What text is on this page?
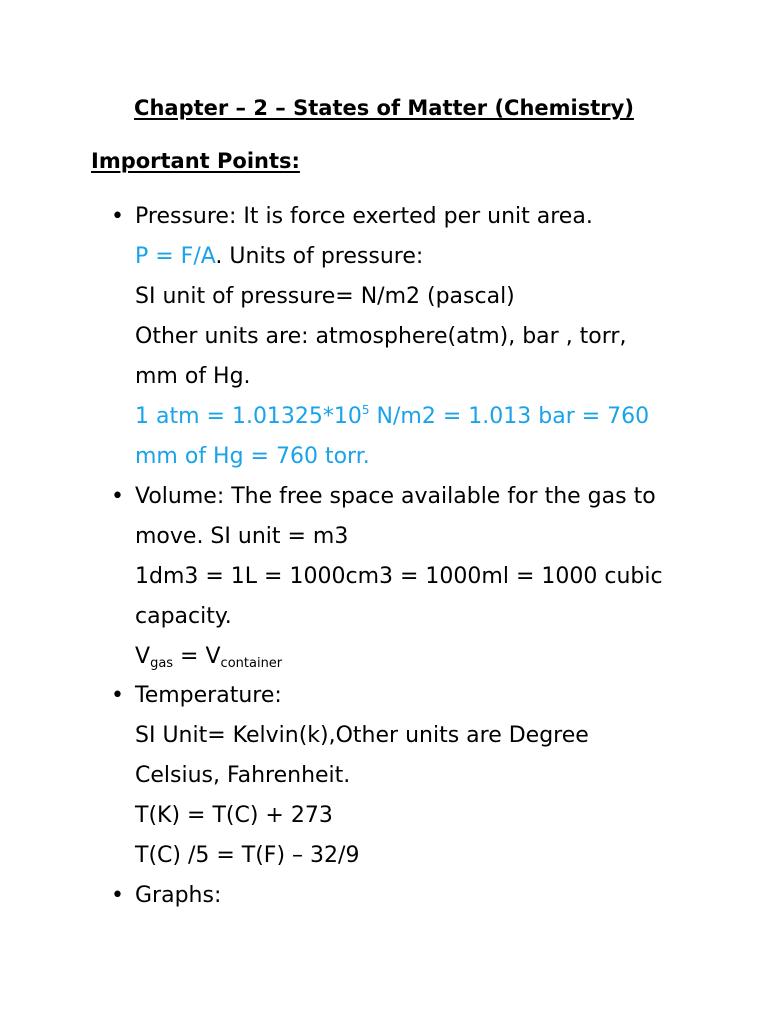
Chapter – 2 – States of Matter (Chemistry)
Important Points:
• Pressure: It is force exerted per unit area.
P = F/A. Units of pressure:
SI unit of pressure= N/m2 (pascal)
Other units are: atmosphere(atm), bar , torr,
mm of Hg.
1 atm = $1.01325*10^5$ N/m2 = 1.013 bar = 760
mm of Hg = 760 torr.
• Volume: The free space available for the gas to
move. SI unit = m3
1dm3 = 1L = 1000cm3 = 1000ml = 1000 cubic
capacity.
$V_{gas} = V_{container}$
• Temperature:
SI Unit= Kelvin(k),Other units are Degree
Celsius, Fahrenheit.
T(K) = T(C) + 273
T(C) /5 = T(F) – 32/9
• Graphs:
